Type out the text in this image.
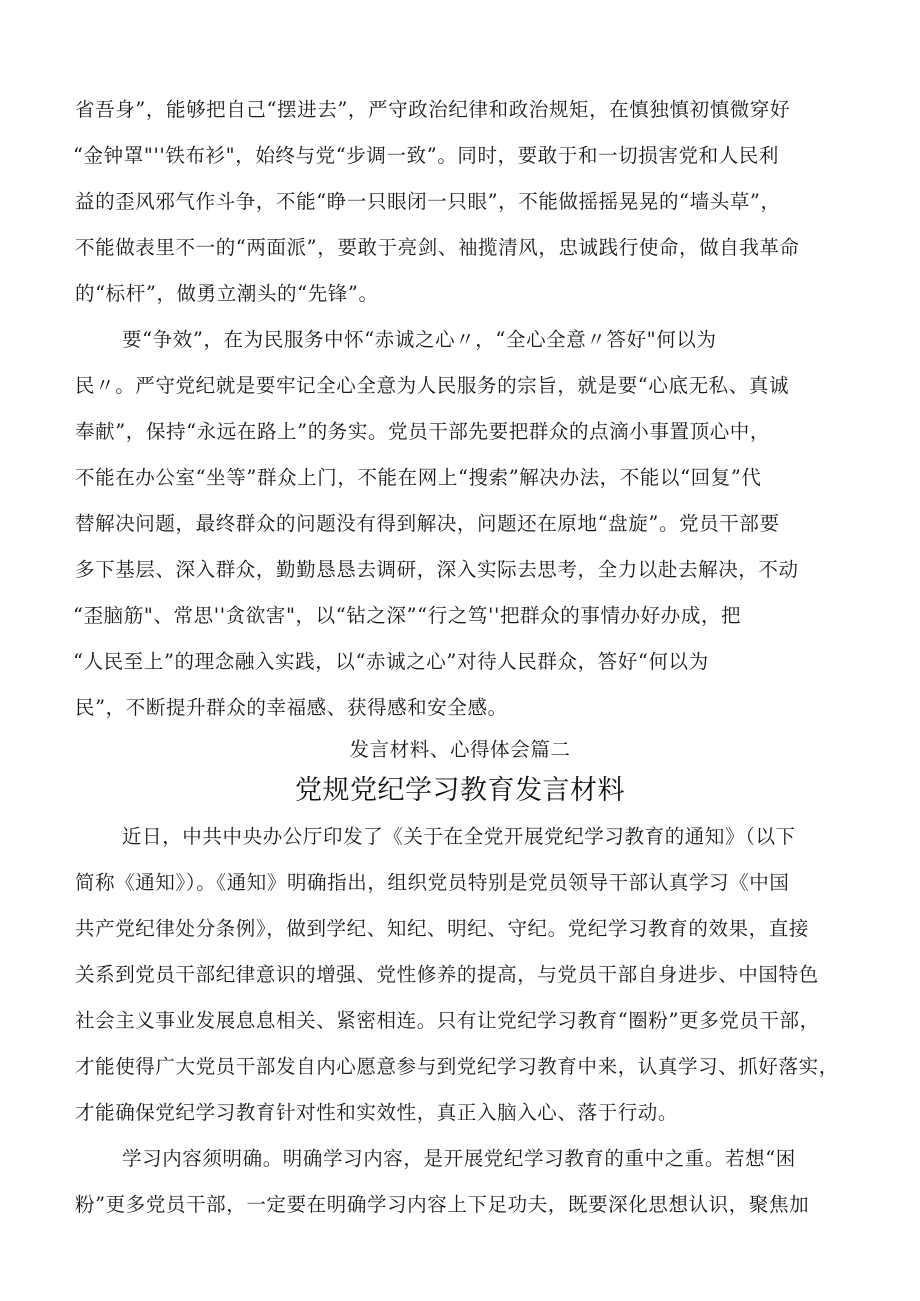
省吾身”，能够把自己“摆进去”，严守政治纪律和政治规矩，在慎独慎初慎微穿好
“金钟罩"''铁布衫"，始终与党“步调一致”。同时，要敢于和一切损害党和人民利
益的歪风邪气作斗争，不能“睁一只眼闭一只眼”，不能做摇摇晃晃的“墙头草”，
不能做表里不一的“两面派”，要敢于亮剑、袖揽清风，忠诚践行使命，做自我革命
的“标杆”，做勇立潮头的“先锋”。
要“争效”，在为民服务中怀“赤诚之心〃，“全心全意〃答好"何以为
民〃。严守党纪就是要牢记全心全意为人民服务的宗旨，就是要“心底无私、真诚
奉献”，保持“永远在路上”的务实。党员干部先要把群众的点滴小事置顶心中，
不能在办公室“坐等”群众上门，不能在网上“搜索”解决办法，不能以“回复”代
替解决问题，最终群众的问题没有得到解决，问题还在原地“盘旋”。党员干部要
多下基层、深入群众，勤勤恳恳去调研，深入实际去思考，全力以赴去解决，不动
“歪脑筋"、常思''贪欲害"，以“钻之深”“行之笃''把群众的事情办好办成，把
“人民至上”的理念融入实践，以“赤诚之心”对待人民群众，答好“何以为
民”，不断提升群众的幸福感、获得感和安全感。
发言材料、心得体会篇二
党规党纪学习教育发言材料
近日，中共中央办公厅印发了《关于在全党开展党纪学习教育的通知》（以下
简称《通知》）。《通知》明确指出，组织党员特别是党员领导干部认真学习《中国
共产党纪律处分条例》，做到学纪、知纪、明纪、守纪。党纪学习教育的效果，直接
关系到党员干部纪律意识的增强、党性修养的提高，与党员干部自身进步、中国特色
社会主义事业发展息息相关、紧密相连。只有让党纪学习教育“圈粉”更多党员干部，
才能使得广大党员干部发自内心愿意参与到党纪学习教育中来，认真学习、抓好落实，
才能确保党纪学习教育针对性和实效性，真正入脑入心、落于行动。
学习内容须明确。明确学习内容，是开展党纪学习教育的重中之重。若想“困
粉”更多党员干部，一定要在明确学习内容上下足功夫，既要深化思想认识，聚焦加
